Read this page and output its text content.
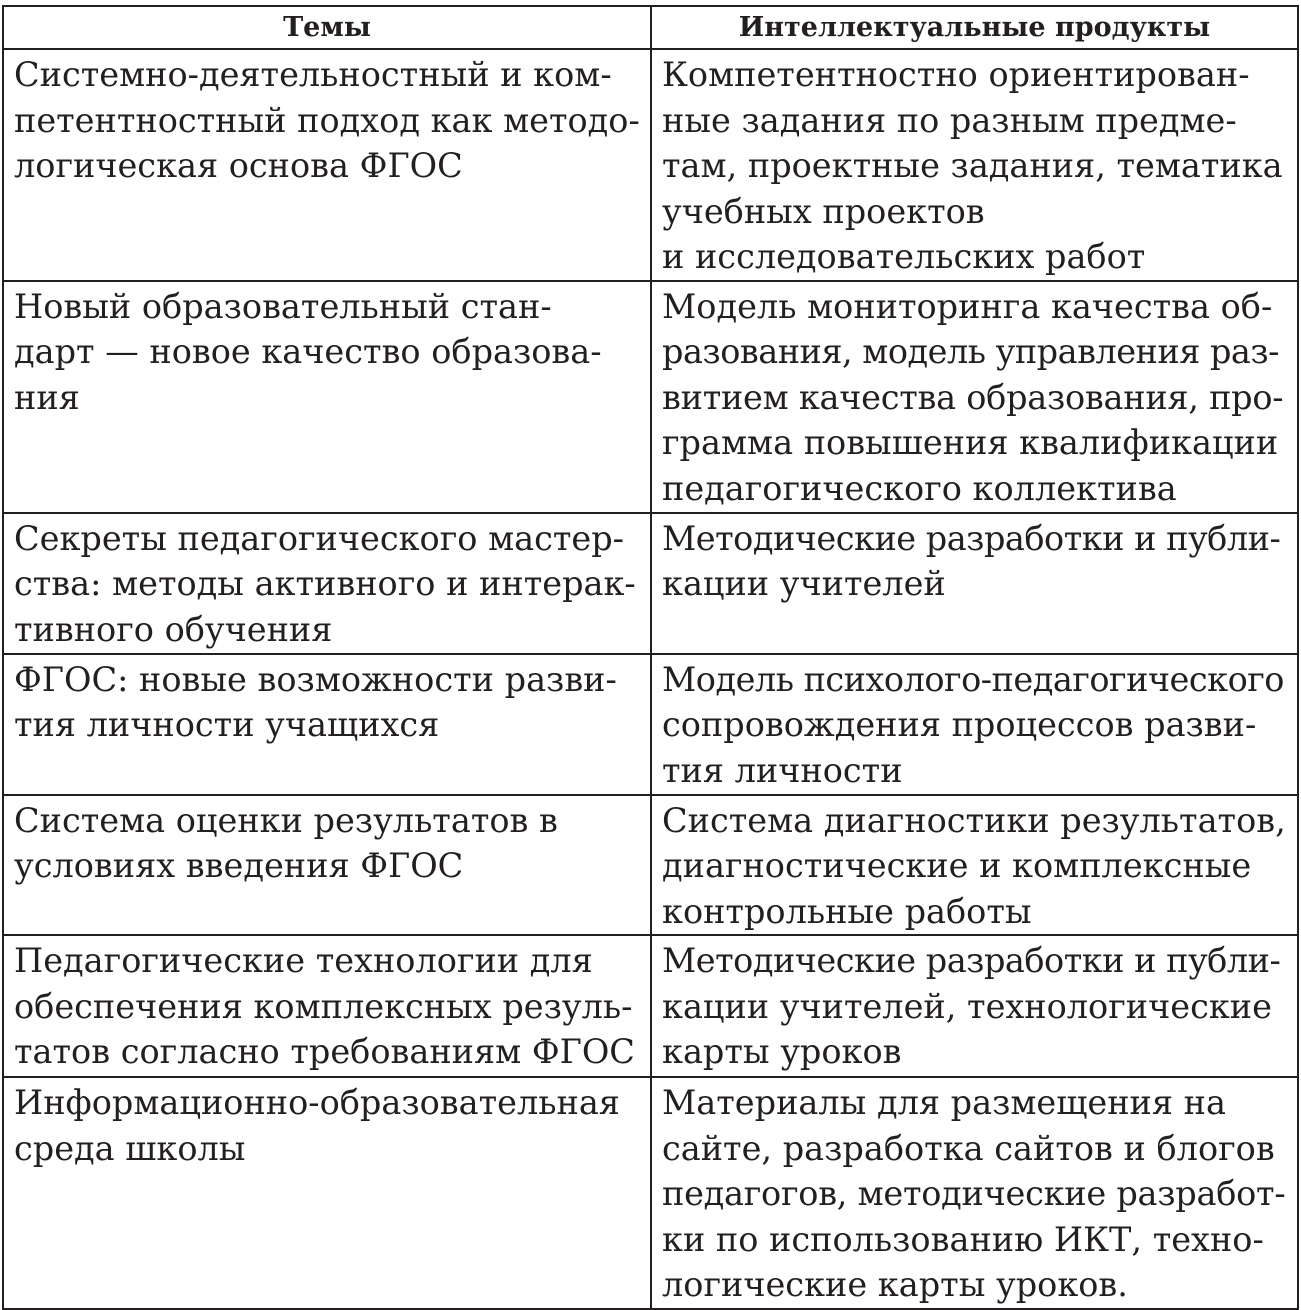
Темы	Интеллектуальные продукты

Системно-деятельностный и ком-
петентностный подход как методо-
логическая основа ФГОС	Компетентностно ориентирован-
ные задания по разным предме-
там, проектные задания, тематика
учебных проектов
и исследовательских работ

Новый образовательный стан-
дарт — новое качество образова-
ния	Модель мониторинга качества об-
разования, модель управления раз-
витием качества образования, про-
грамма повышения квалификации
педагогического коллектива

Секреты педагогического мастер-
ства: методы активного и интерак-
тивного обучения	Методические разработки и публи-
кации учителей

ФГОС: новые возможности разви-
тия личности учащихся	Модель психолого-педагогического
сопровождения процессов разви-
тия личности

Система оценки результатов в
условиях введения ФГОС	Система диагностики результатов,
диагностические и комплексные
контрольные работы

Педагогические технологии для
обеспечения комплексных резуль-
татов согласно требованиям ФГОС	Методические разработки и публи-
кации учителей, технологические
карты уроков

Информационно-образовательная
среда школы	Материалы для размещения на
сайте, разработка сайтов и блогов
педагогов, методические разработ-
ки по использованию ИКТ, техно-
логические карты уроков.
